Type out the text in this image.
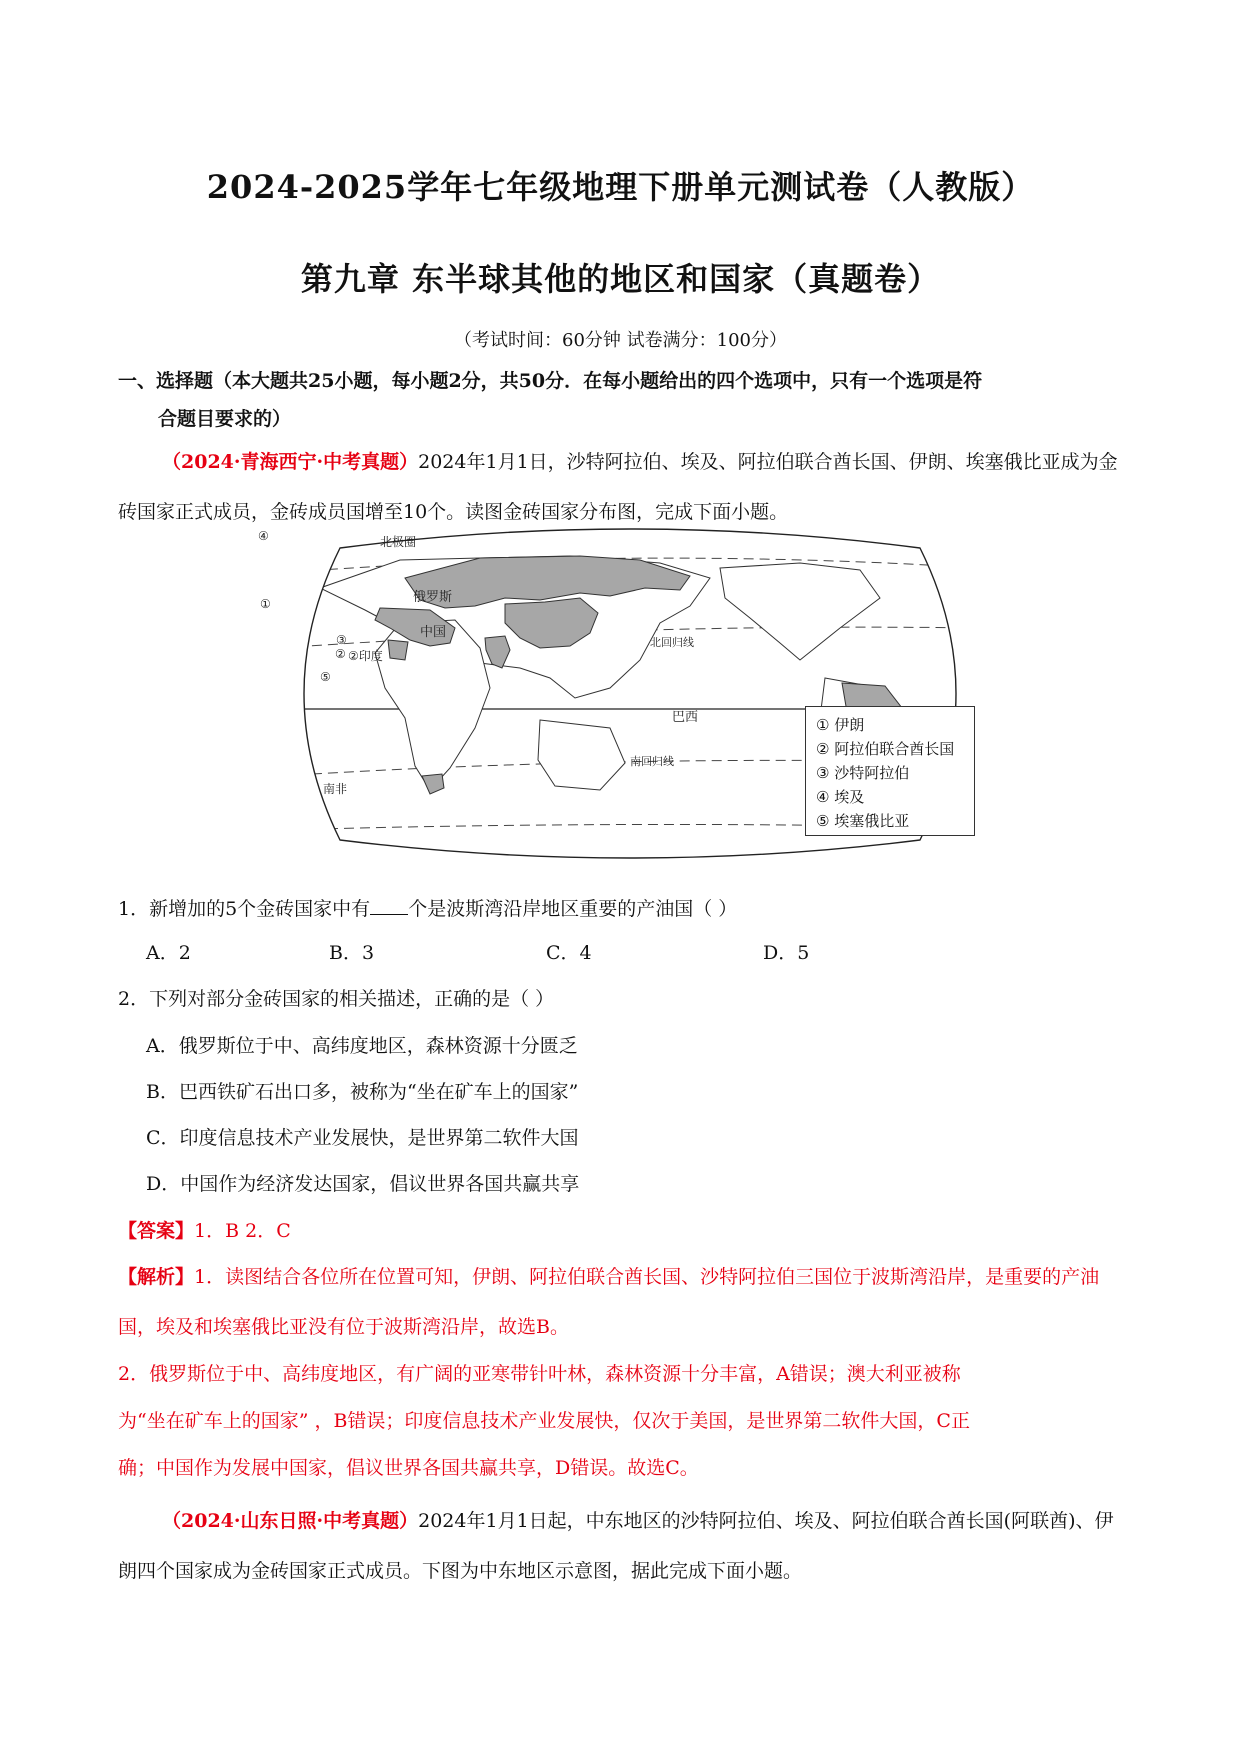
2024-2025学年七年级地理下册单元测试卷（人教版）
第九章 东半球其他的地区和国家（真题卷）
（考试时间：60分钟 试卷满分：100分）
一、选择题（本大题共25小题，每小题2分，共50分．在每小题给出的四个选项中，只有一个选项是符
合题目要求的）
（2024·青海西宁·中考真题）2024年1月1日，沙特阿拉伯、埃及、阿拉伯联合酋长国、伊朗、埃塞俄比亚成为金砖国家正式成员，金砖成员国增至10个。读图金砖国家分布图，完成下面小题。
北极圈
俄罗斯
中国
②印度
北回归线
南回归线
巴西
南非
①
②
③
④
⑤
① 伊朗
② 阿拉伯联合酋长国
③ 沙特阿拉伯
④ 埃及
⑤ 埃塞俄比亚
1．新增加的5个金砖国家中有 个是波斯湾沿岸地区重要的产油国（ ）
A．2	B．3	C．4	D．5
2．下列对部分金砖国家的相关描述，正确的是（ ）
A．俄罗斯位于中、高纬度地区，森林资源十分匮乏
B．巴西铁矿石出口多，被称为“坐在矿车上的国家”
C．印度信息技术产业发展快，是世界第二软件大国
D．中国作为经济发达国家，倡议世界各国共赢共享
【答案】1．B 2．C
【解析】1．读图结合各位所在位置可知，伊朗、阿拉伯联合酋长国、沙特阿拉伯三国位于波斯湾沿岸，是重要的产油国，埃及和埃塞俄比亚没有位于波斯湾沿岸，故选B。
2．俄罗斯位于中、高纬度地区，有广阔的亚寒带针叶林，森林资源十分丰富，A错误；澳大利亚被称
为“坐在矿车上的国家” ，B错误；印度信息技术产业发展快，仅次于美国，是世界第二软件大国，C正
确；中国作为发展中国家，倡议世界各国共赢共享，D错误。故选C。
（2024·山东日照·中考真题）2024年1月1日起，中东地区的沙特阿拉伯、埃及、阿拉伯联合酋长国(阿联酋)、伊朗四个国家成为金砖国家正式成员。下图为中东地区示意图，据此完成下面小题。
